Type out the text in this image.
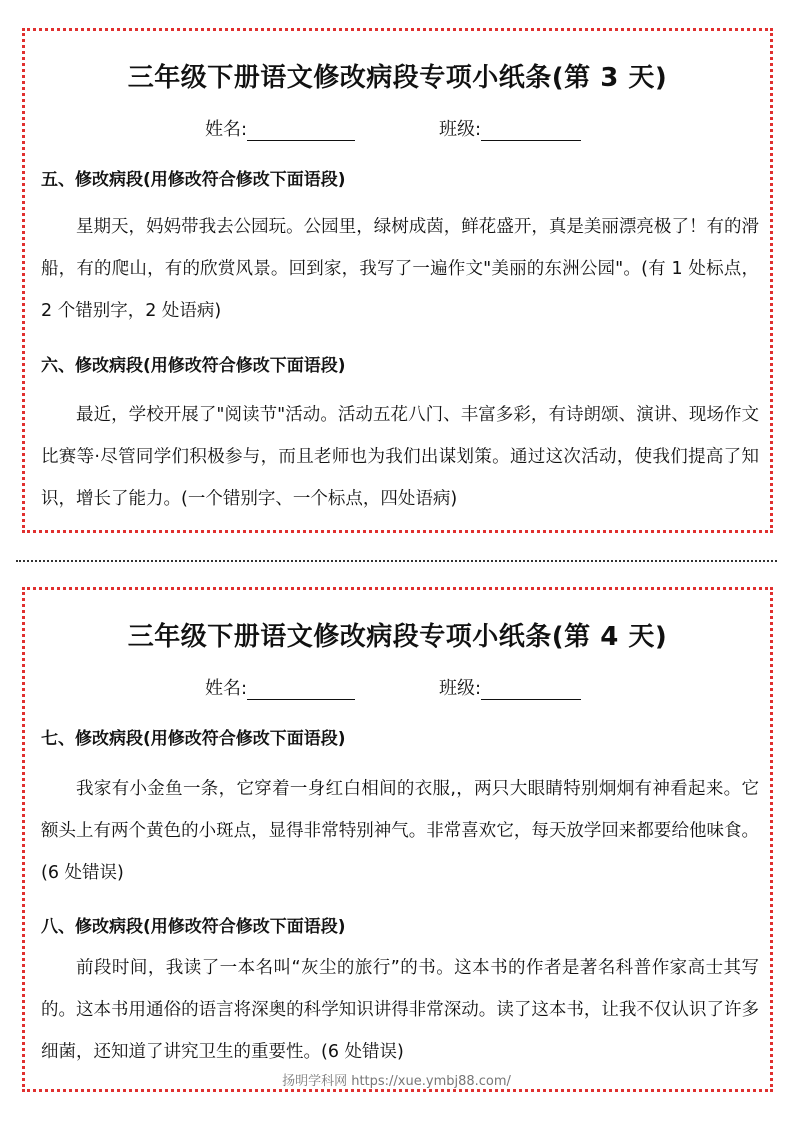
三年级下册语文修改病段专项小纸条(第 3 天)
姓名:	班级:
五、修改病段(用修改符合修改下面语段)

星期天，妈妈带我去公园玩。公园里，绿树成茵，鲜花盛开，真是美丽漂亮极了！有的滑船，有的爬山，有的欣赏风景。回到家，我写了一遍作文"美丽的东洲公园"。(有 1 处标点，2 个错别字，2 处语病)

六、修改病段(用修改符合修改下面语段)

最近，学校开展了"阅读节"活动。活动五花八门、丰富多彩，有诗朗颂、演讲、现场作文比赛等·尽管同学们积极参与，而且老师也为我们出谋划策。通过这次活动，使我们提高了知识，增长了能力。(一个错别字、一个标点，四处语病)

三年级下册语文修改病段专项小纸条(第 4 天)
姓名:	班级:
七、修改病段(用修改符合修改下面语段)

我家有小金鱼一条，它穿着一身红白相间的衣服,，两只大眼睛特别炯炯有神看起来。它额头上有两个黄色的小斑点，显得非常特别神气。非常喜欢它，每天放学回来都要给他味食。(6 处错误)

八、修改病段(用修改符合修改下面语段)

前段时间，我读了一本名叫“灰尘的旅行”的书。这本书的作者是著名科普作家高士其写的。这本书用通俗的语言将深奥的科学知识讲得非常深动。读了这本书，让我不仅认识了许多细菌，还知道了讲究卫生的重要性。(6 处错误)

扬明学科网 https://xue.ymbj88.com/
